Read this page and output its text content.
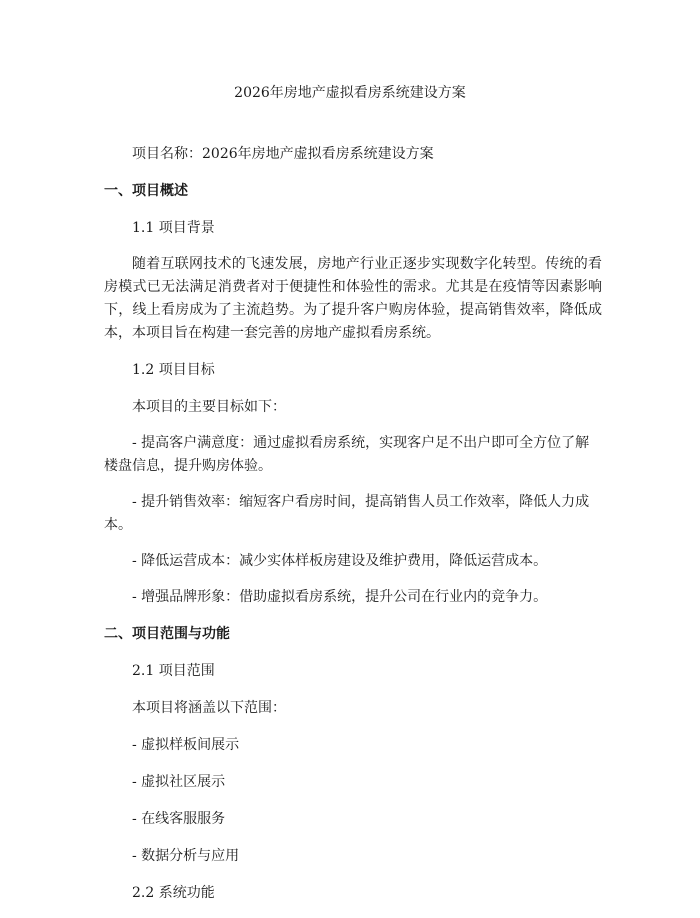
2026年房地产虚拟看房系统建设方案

项目名称：2026年房地产虚拟看房系统建设方案

一、项目概述

1.1 项目背景

随着互联网技术的飞速发展，房地产行业正逐步实现数字化转型。传统的看房模式已无法满足消费者对于便捷性和体验性的需求。尤其是在疫情等因素影响下，线上看房成为了主流趋势。为了提升客户购房体验，提高销售效率，降低成本，本项目旨在构建一套完善的房地产虚拟看房系统。

1.2 项目目标

本项目的主要目标如下：

- 提高客户满意度：通过虚拟看房系统，实现客户足不出户即可全方位了解楼盘信息，提升购房体验。

- 提升销售效率：缩短客户看房时间，提高销售人员工作效率，降低人力成本。

- 降低运营成本：减少实体样板房建设及维护费用，降低运营成本。

- 增强品牌形象：借助虚拟看房系统，提升公司在行业内的竞争力。

二、项目范围与功能

2.1 项目范围

本项目将涵盖以下范围：

- 虚拟样板间展示

- 虚拟社区展示

- 在线客服服务

- 数据分析与应用

2.2 系统功能
